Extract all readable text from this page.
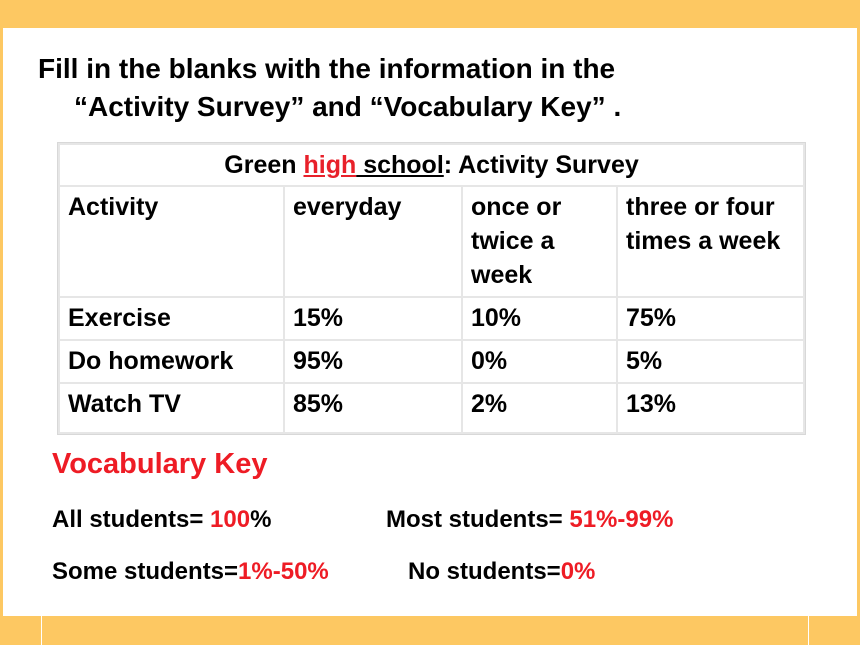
Fill in the blanks with the information in the
“Activity Survey” and “Vocabulary Key” .
Green high school: Activity Survey			
Activity	everyday	once or twice a week	three or four times a week
Exercise	15%	10%	75%
Do homework	95%	0%	5%
Watch TV	85%	2%	13%
Vocabulary Key
All students= 100%	Most students= 51%-99%
Some students=1%-50%	No students=0%
